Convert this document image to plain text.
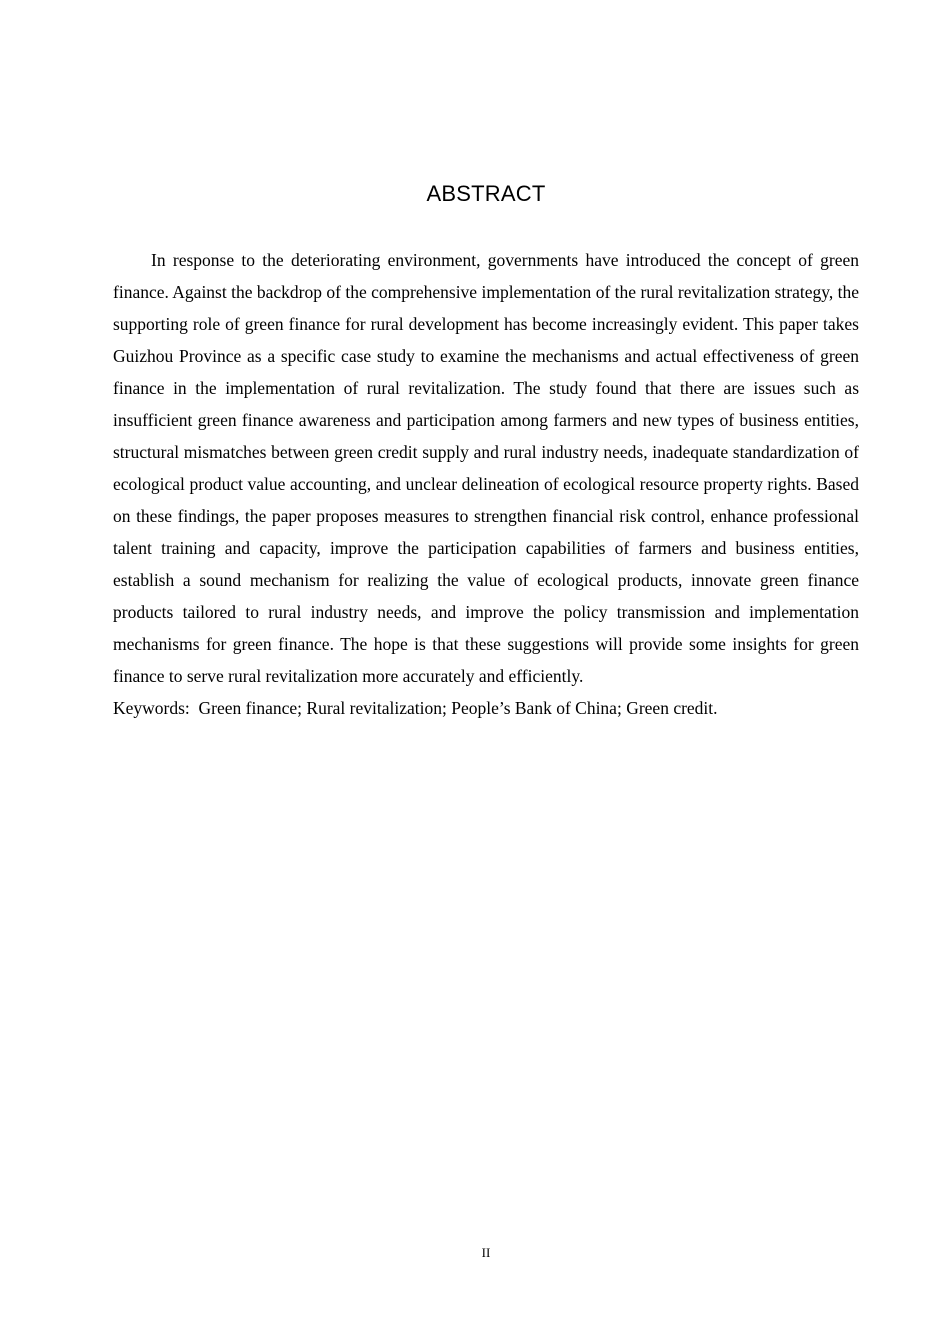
ABSTRACT

In response to the deteriorating environment, governments have introduced the concept of green finance. Against the backdrop of the comprehensive implementation of the rural revitalization strategy, the supporting role of green finance for rural development has become increasingly evident. This paper takes Guizhou Province as a specific case study to examine the mechanisms and actual effectiveness of green finance in the implementation of rural revitalization. The study found that there are issues such as insufficient green finance awareness and participation among farmers and new types of business entities, structural mismatches between green credit supply and rural industry needs, inadequate standardization of ecological product value accounting, and unclear delineation of ecological resource property rights. Based on these findings, the paper proposes measures to strengthen financial risk control, enhance professional talent training and capacity, improve the participation capabilities of farmers and business entities, establish a sound mechanism for realizing the value of ecological products, innovate green finance products tailored to rural industry needs, and improve the policy transmission and implementation mechanisms for green finance. The hope is that these suggestions will provide some insights for green finance to serve rural revitalization more accurately and efficiently.

Keywords:  Green finance; Rural revitalization; People’s Bank of China; Green credit.

II
